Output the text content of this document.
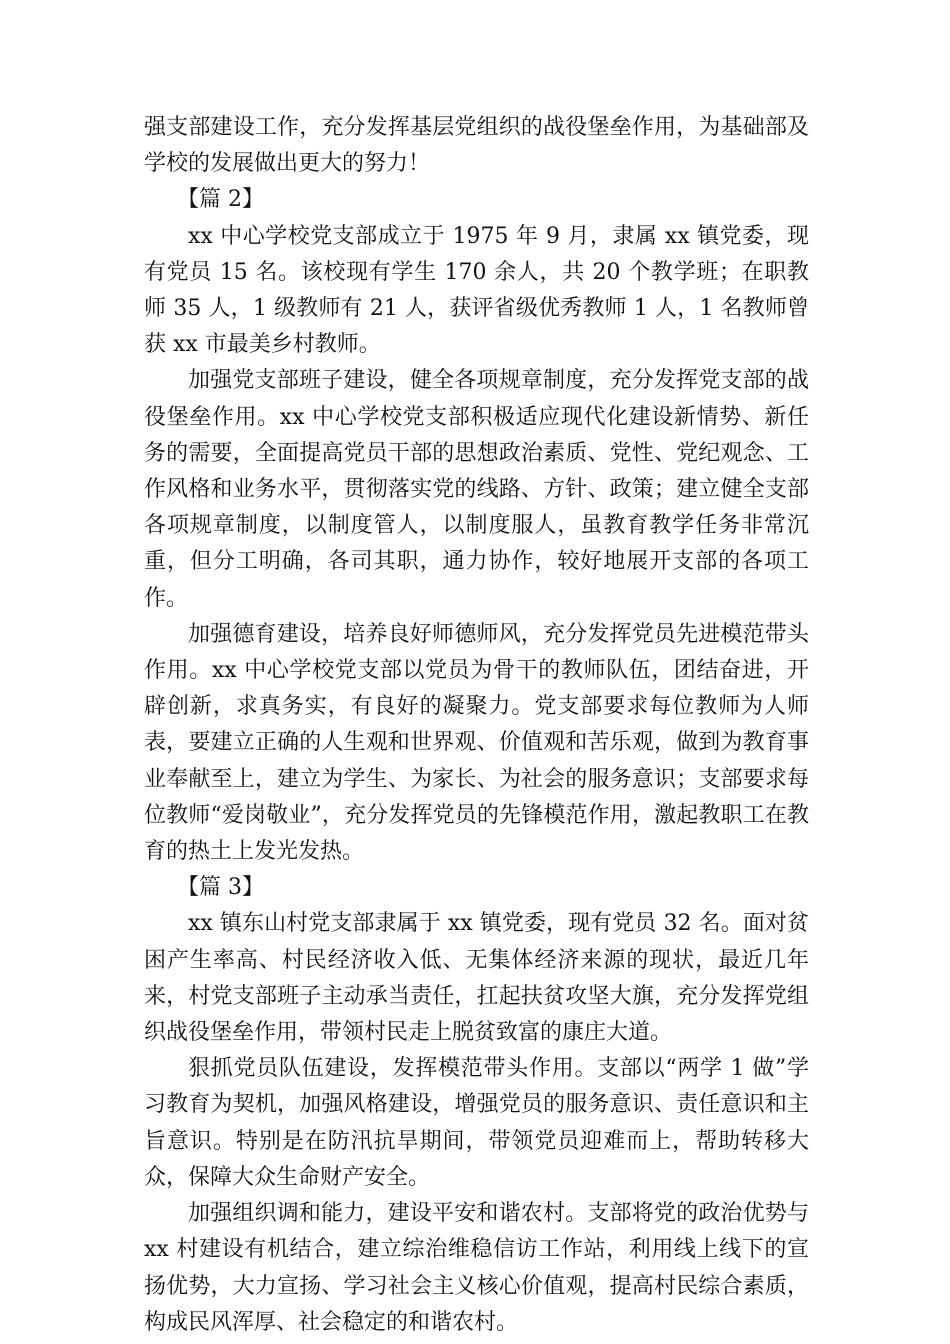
强支部建设工作，充分发挥基层党组织的战役堡垒作用，为基础部及学校的发展做出更大的努力！

【篇 2】

xx 中心学校党支部成立于 1975 年 9 月，隶属 xx 镇党委，现有党员 15 名。该校现有学生 170 余人，共 20 个教学班；在职教师 35 人，1 级教师有 21 人，获评省级优秀教师 1 人，1 名教师曾获 xx 市最美乡村教师。

加强党支部班子建设，健全各项规章制度，充分发挥党支部的战役堡垒作用。xx 中心学校党支部积极适应现代化建设新情势、新任务的需要，全面提高党员干部的思想政治素质、党性、党纪观念、工作风格和业务水平，贯彻落实党的线路、方针、政策；建立健全支部各项规章制度，以制度管人，以制度服人，虽教育教学任务非常沉重，但分工明确，各司其职，通力协作，较好地展开支部的各项工作。

加强德育建设，培养良好师德师风，充分发挥党员先进模范带头作用。xx 中心学校党支部以党员为骨干的教师队伍，团结奋进，开辟创新，求真务实，有良好的凝聚力。党支部要求每位教师为人师表，要建立正确的人生观和世界观、价值观和苦乐观，做到为教育事业奉献至上，建立为学生、为家长、为社会的服务意识；支部要求每位教师“爱岗敬业”，充分发挥党员的先锋模范作用，激起教职工在教育的热土上发光发热。

【篇 3】

xx 镇东山村党支部隶属于 xx 镇党委，现有党员 32 名。面对贫困产生率高、村民经济收入低、无集体经济来源的现状，最近几年来，村党支部班子主动承当责任，扛起扶贫攻坚大旗，充分发挥党组织战役堡垒作用，带领村民走上脱贫致富的康庄大道。

狠抓党员队伍建设，发挥模范带头作用。支部以“两学 1 做”学习教育为契机，加强风格建设，增强党员的服务意识、责任意识和主旨意识。特别是在防汛抗旱期间，带领党员迎难而上，帮助转移大众，保障大众生命财产安全。

加强组织调和能力，建设平安和谐农村。支部将党的政治优势与 xx 村建设有机结合，建立综治维稳信访工作站，利用线上线下的宣扬优势，大力宣扬、学习社会主义核心价值观，提高村民综合素质，构成民风浑厚、社会稳定的和谐农村。
